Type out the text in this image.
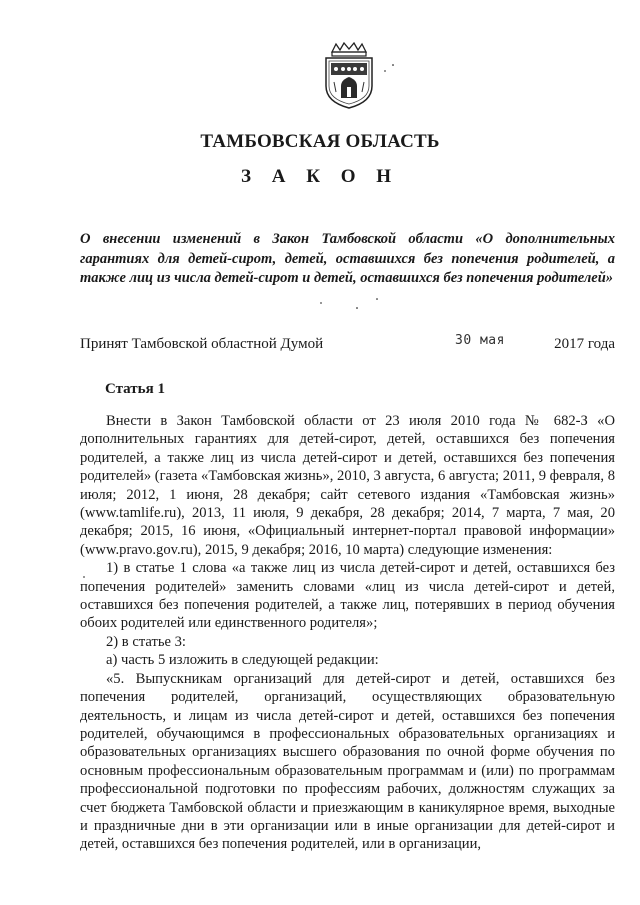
ТАМБОВСКАЯ ОБЛАСТЬ
З А К О Н
О внесении изменений в Закон Тамбовской области «О дополнительных гарантиях для детей-сирот, детей, оставшихся без попечения родителей, а также лиц из числа детей-сирот и детей, оставшихся без попечения родителей»
Принят Тамбовской областной Думой	30 мая	2017 года
Статья 1

Внести в Закон Тамбовской области от 23 июля 2010 года № 682-З «О дополнительных гарантиях для детей-сирот, детей, оставшихся без попечения родителей, а также лиц из числа детей-сирот и детей, оставшихся без попечения родителей» (газета «Тамбовская жизнь», 2010, 3 августа, 6 августа; 2011, 9 февраля, 8 июля; 2012, 1 июня, 28 декабря; сайт сетевого издания «Тамбовская жизнь» (www.tamlife.ru), 2013, 11 июля, 9 декабря, 28 декабря; 2014, 7 марта, 7 мая, 20 декабря; 2015, 16 июня, «Официальный интернет-портал правовой информации» (www.pravo.gov.ru), 2015, 9 декабря; 2016, 10 марта) следующие изменения:

1) в статье 1 слова «а также лиц из числа детей-сирот и детей, оставшихся без попечения родителей» заменить словами «лиц из числа детей-сирот и детей, оставшихся без попечения родителей, а также лиц, потерявших в период обучения обоих родителей или единственного родителя»;

2) в статье 3:

а) часть 5 изложить в следующей редакции:

«5. Выпускникам организаций для детей-сирот и детей, оставшихся без попечения родителей, организаций, осуществляющих образовательную деятельность, и лицам из числа детей-сирот и детей, оставшихся без попечения родителей, обучающимся в профессиональных образовательных организациях и образовательных организациях высшего образования по очной форме обучения по основным профессиональным образовательным программам и (или) по программам профессиональной подготовки по профессиям рабочих, должностям служащих за счет бюджета Тамбовской области и приезжающим в каникулярное время, выходные и праздничные дни в эти организации или в иные организации для детей-сирот и детей, оставшихся без попечения родителей, или в организации,
